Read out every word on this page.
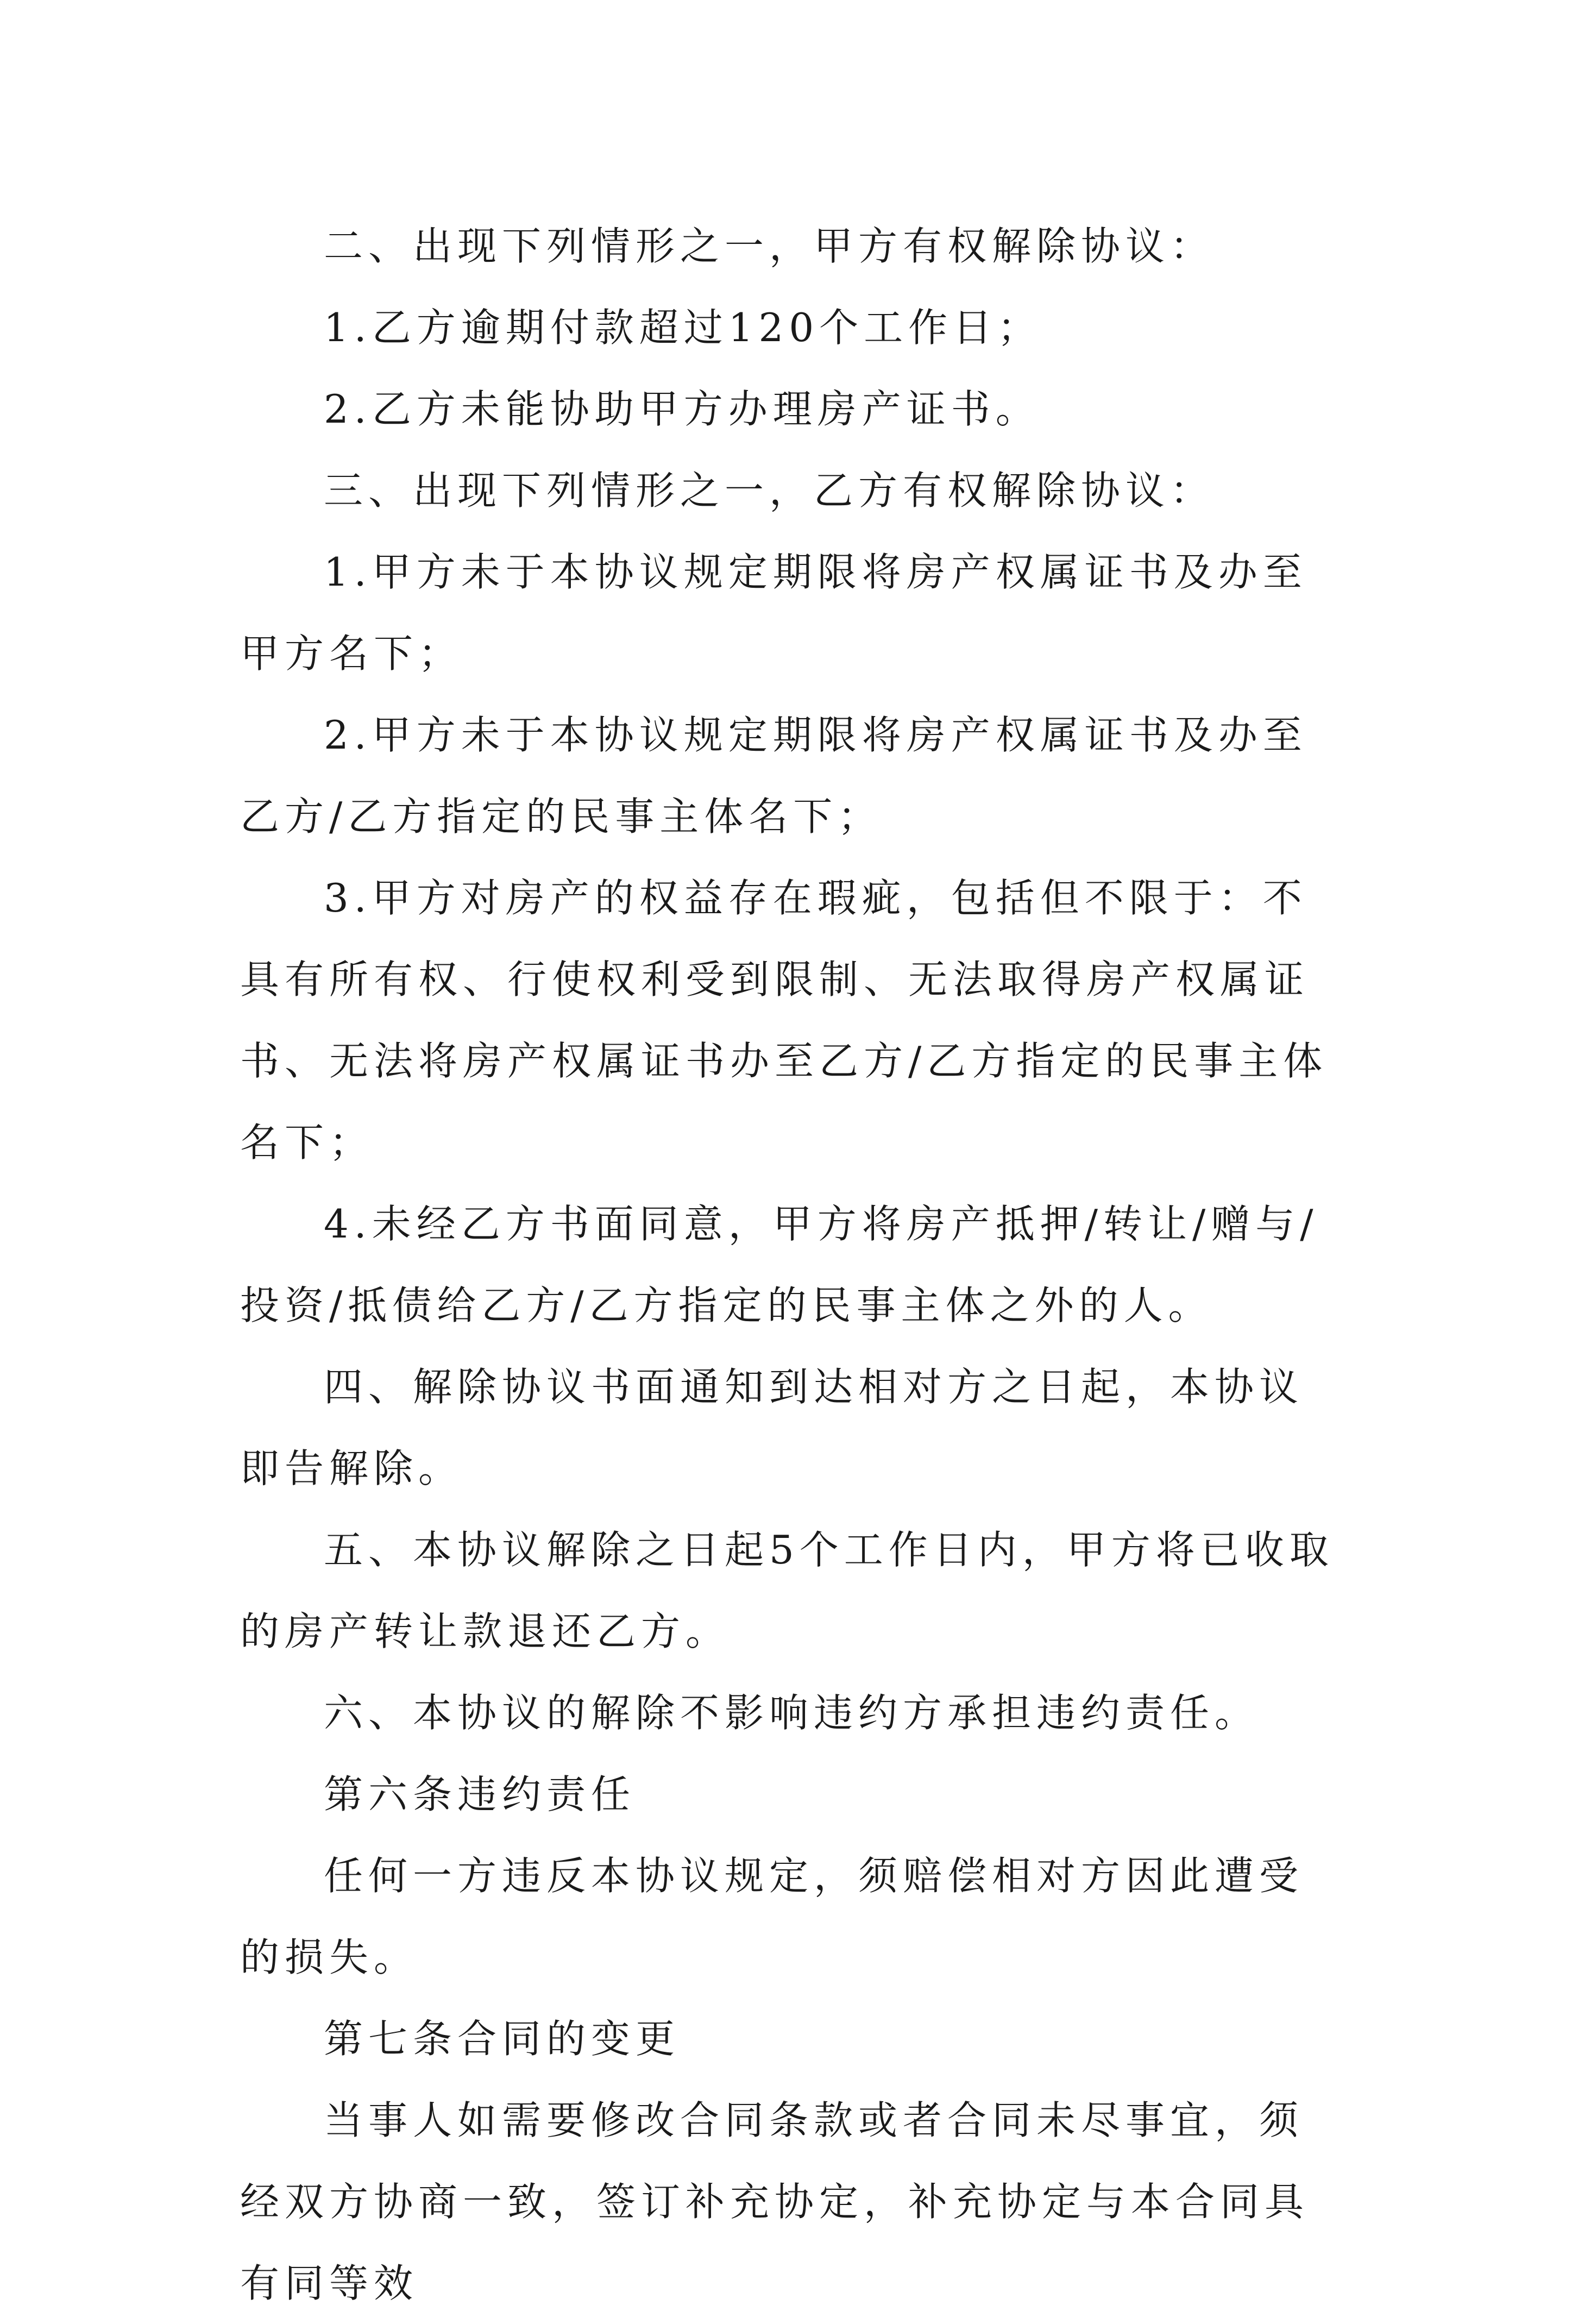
二、出现下列情形之一，甲方有权解除协议：

1.乙方逾期付款超过120个工作日；

2.乙方未能协助甲方办理房产证书。

三、出现下列情形之一，乙方有权解除协议：

1.甲方未于本协议规定期限将房产权属证书及办至甲方名下；

2.甲方未于本协议规定期限将房产权属证书及办至乙方/乙方指定的民事主体名下；

3.甲方对房产的权益存在瑕疵，包括但不限于：不具有所有权、行使权利受到限制、无法取得房产权属证书、无法将房产权属证书办至乙方/乙方指定的民事主体名下；

4.未经乙方书面同意，甲方将房产抵押/转让/赠与/投资/抵债给乙方/乙方指定的民事主体之外的人。

四、解除协议书面通知到达相对方之日起，本协议即告解除。

五、本协议解除之日起5个工作日内，甲方将已收取的房产转让款退还乙方。

六、本协议的解除不影响违约方承担违约责任。

第六条违约责任

任何一方违反本协议规定，须赔偿相对方因此遭受的损失。

第七条合同的变更

当事人如需要修改合同条款或者合同未尽事宜，须经双方协商一致，签订补充协定，补充协定与本合同具有同等效
